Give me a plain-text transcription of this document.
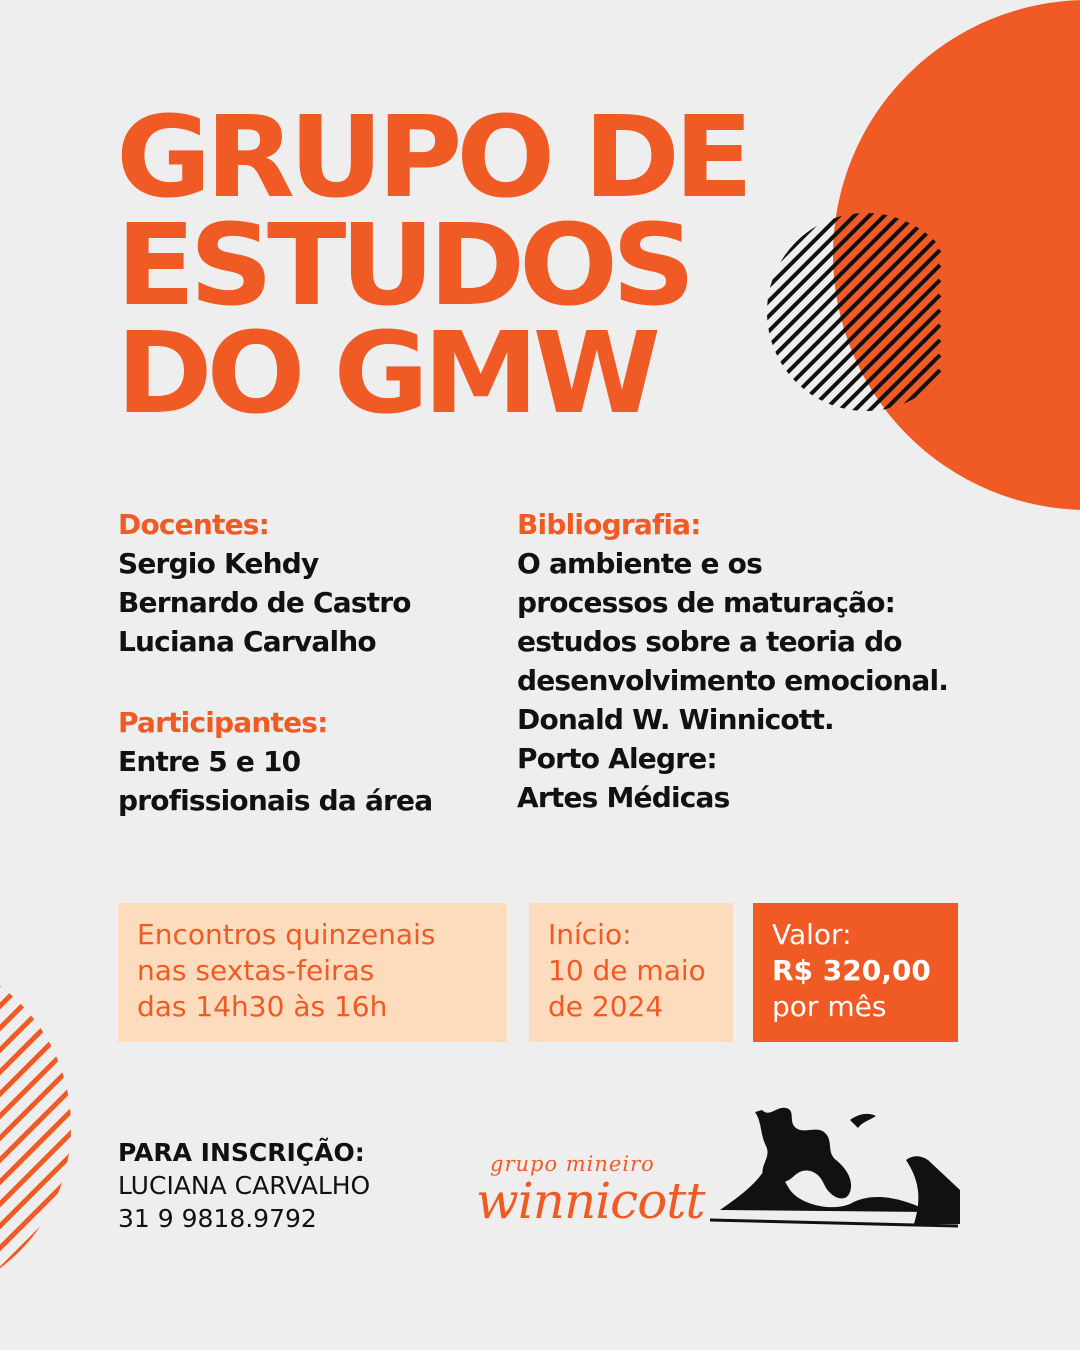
GRUPO DE
ESTUDOS
DO GMW
Docentes:
Sergio Kehdy
Bernardo de Castro
Luciana Carvalho
Participantes:
Entre 5 e 10
profissionais da área
Bibliografia:
O ambiente e os
processos de maturação:
estudos sobre a teoria do
desenvolvimento emocional.
Donald W. Winnicott.
Porto Alegre:
Artes Médicas
Encontros quinzenais
nas sextas-feiras
das 14h30 às 16h
Início:
10 de maio
de 2024
Valor:
R$ 320,00
por mês
PARA INSCRIÇÃO:
LUCIANA CARVALHO
31 9 9818.9792
grupo mineiro
winnicott
